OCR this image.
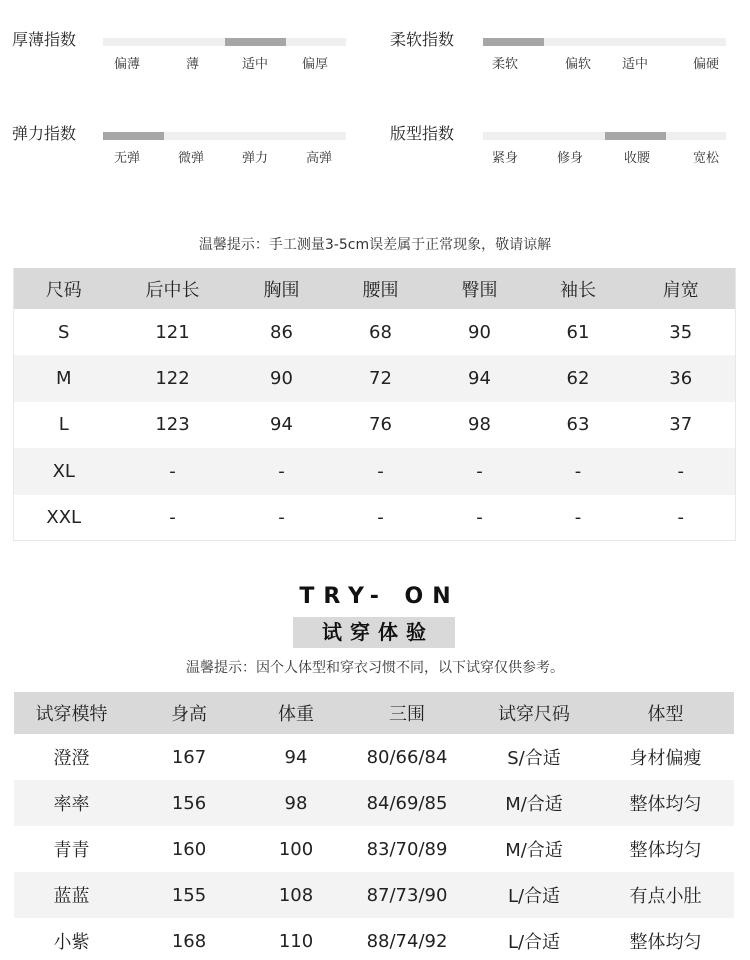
厚薄指数
偏薄	薄	适中	偏厚
柔软指数
柔软	偏软 适中	偏硬
弹力指数
无弹	微弹	弹力	高弹
版型指数
紧身	修身	收腰	宽松
温馨提示：手工测量3-5cm误差属于正常现象，敬请谅解
尺码	后中长	胸围	腰围	臀围	袖长	肩宽
S	121	86	68	90	61	35
M	122	90	72	94	62	36
L	123	94	76	98	63	37
XL	-	-	-	-	-	-
XXL	-	-	-	-	-	-
TRY- ON
试穿体验
温馨提示：因个人体型和穿衣习惯不同，以下试穿仅供参考。
试穿模特	身高	体重	三围	试穿尺码	体型
澄澄	167	94	80/66/84	S/合适	身材偏瘦
率率	156	98	84/69/85	M/合适	整体均匀
青青	160	100	83/70/89	M/合适	整体均匀
蓝蓝	155	108	87/73/90	L/合适	有点小肚
小紫	168	110	88/74/92	L/合适	整体均匀
